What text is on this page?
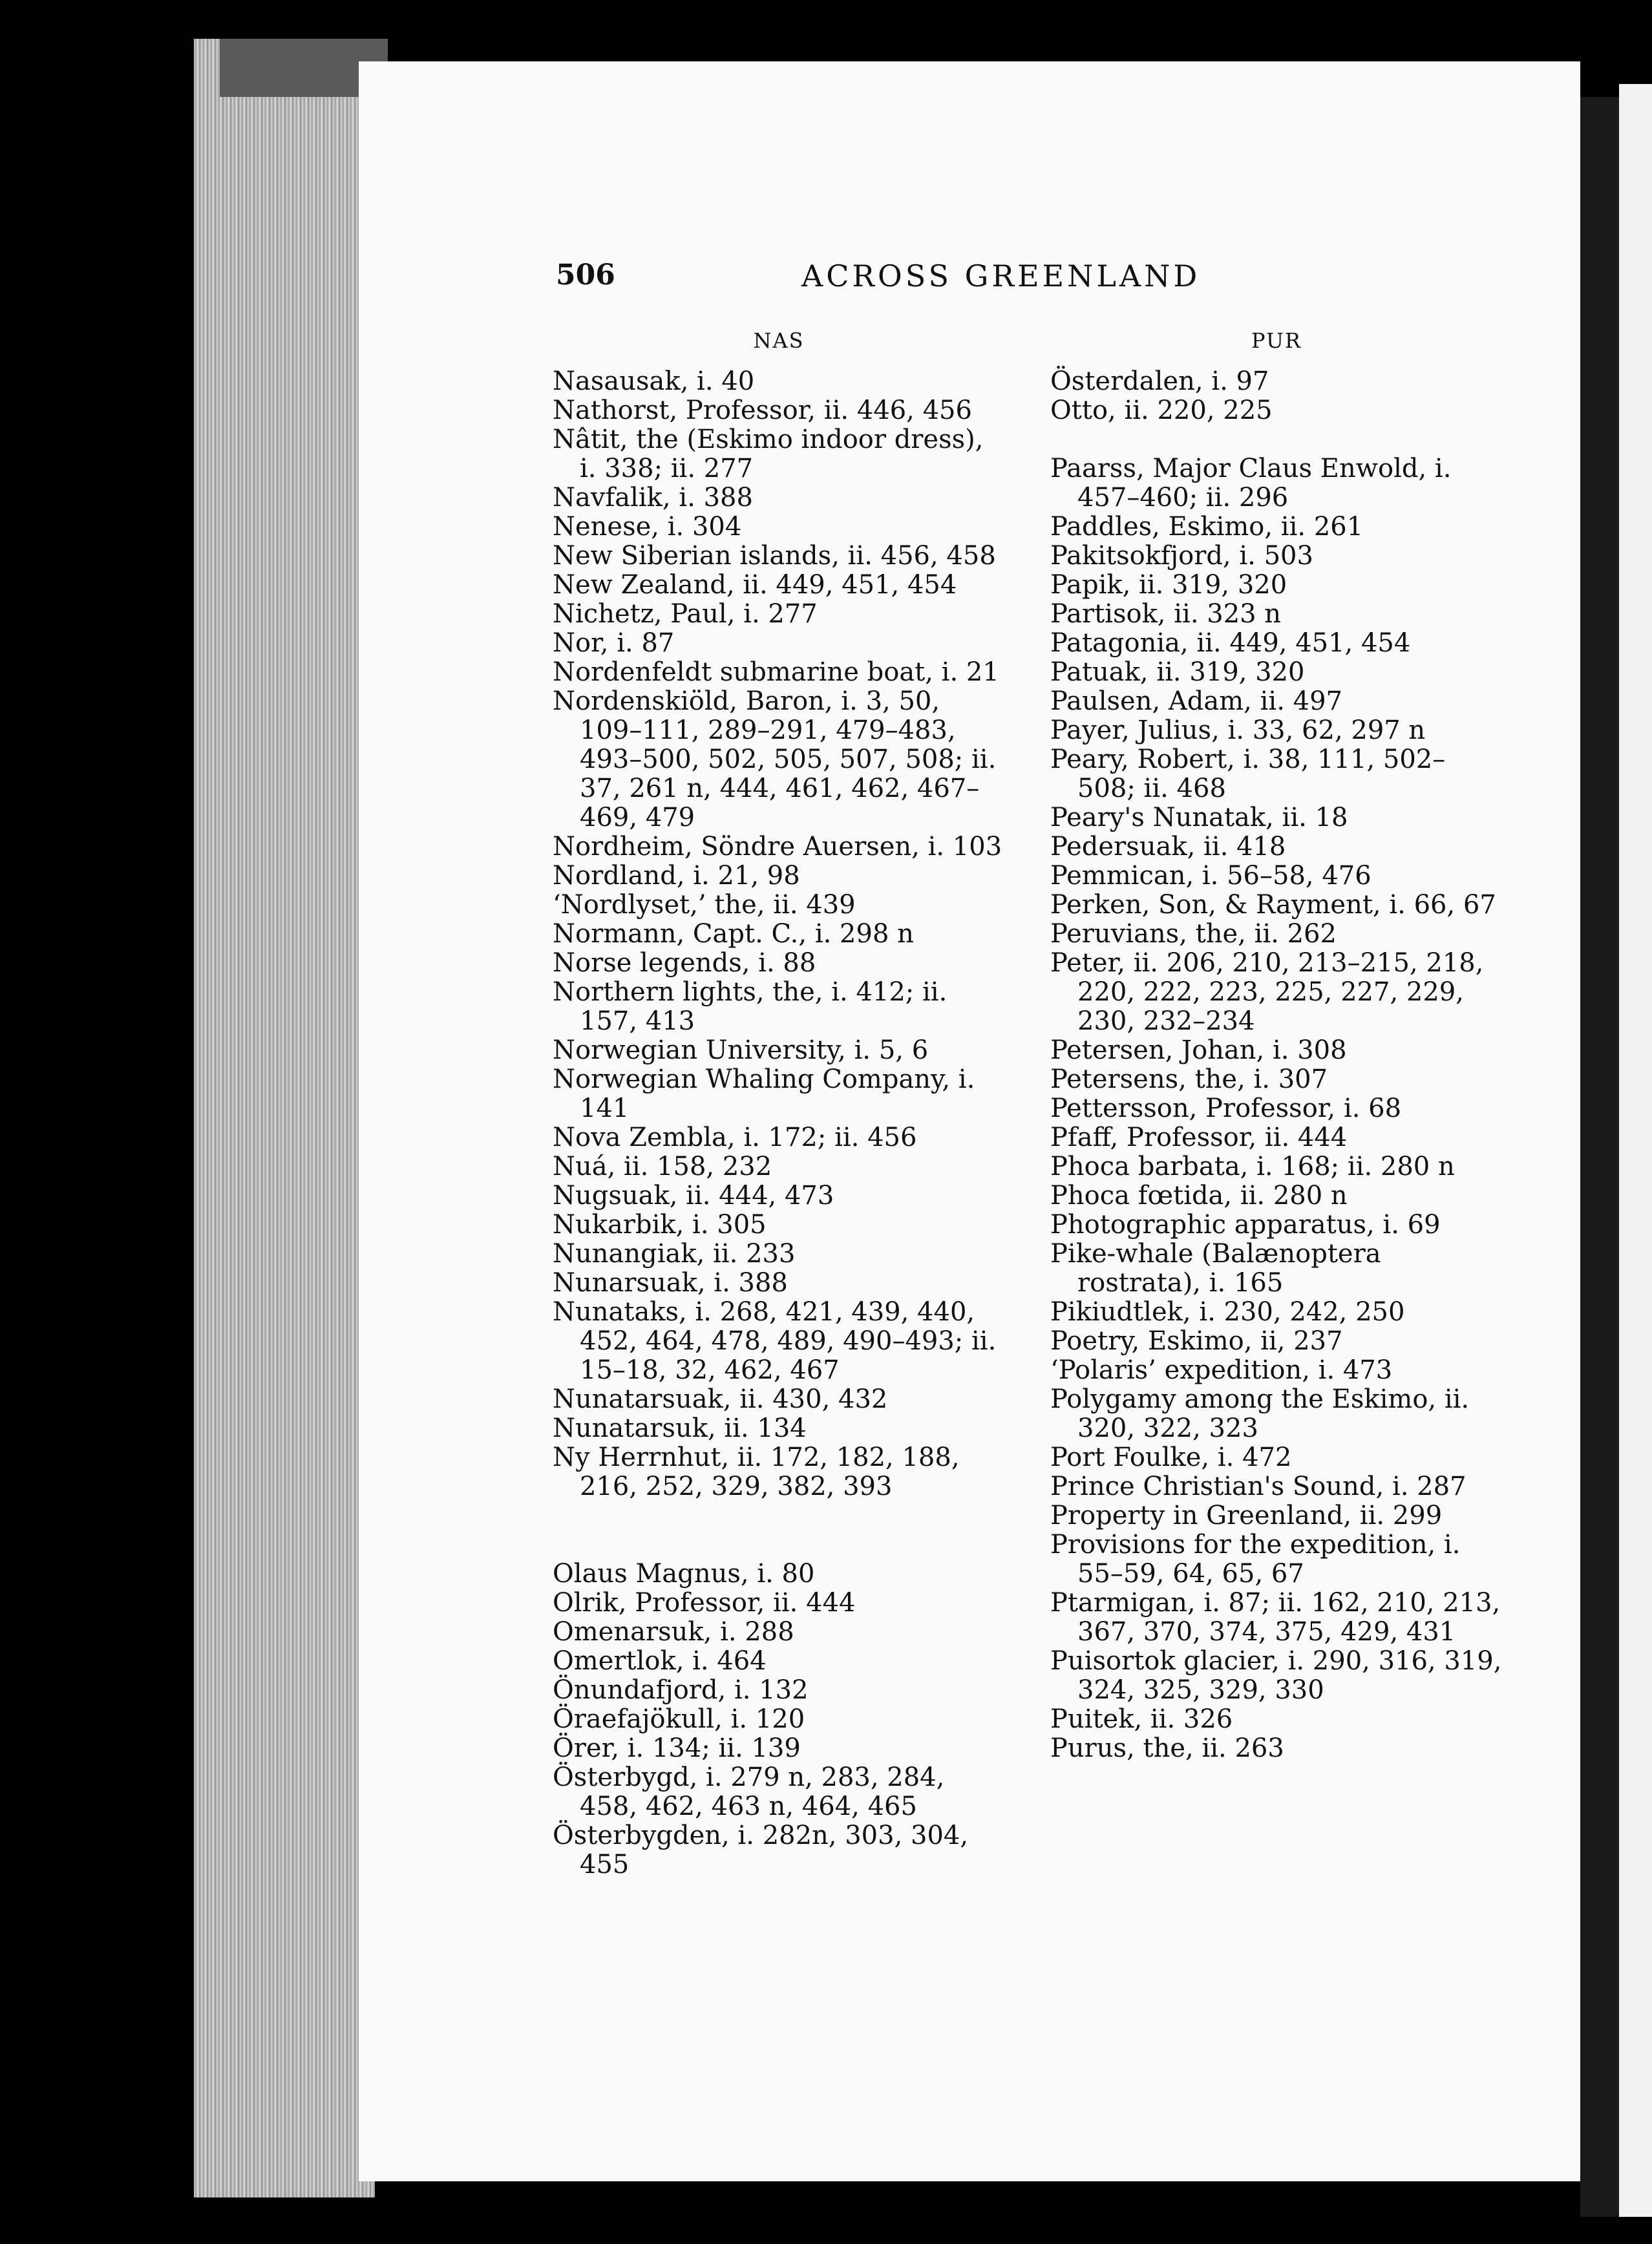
506	ACROSS GREENLAND
NAS
Nasausak, i. 40
Nathorst, Professor, ii. 446, 456
Nâtit, the (Eskimo indoor dress), i. 338; ii. 277
Navfalik, i. 388
Nenese, i. 304
New Siberian islands, ii. 456, 458
New Zealand, ii. 449, 451, 454
Nichetz, Paul, i. 277
Nor, i. 87
Nordenfeldt submarine boat, i. 21
Nordenskiöld, Baron, i. 3, 50, 109–111, 289–291, 479–483, 493–500, 502, 505, 507, 508; ii. 37, 261 n, 444, 461, 462, 467–469, 479
Nordheim, Söndre Auersen, i. 103
Nordland, i. 21, 98
‘Nordlyset,’ the, ii. 439
Normann, Capt. C., i. 298 n
Norse legends, i. 88
Northern lights, the, i. 412; ii. 157, 413
Norwegian University, i. 5, 6
Norwegian Whaling Company, i. 141
Nova Zembla, i. 172; ii. 456
Nuá, ii. 158, 232
Nugsuak, ii. 444, 473
Nukarbik, i. 305
Nunangiak, ii. 233
Nunarsuak, i. 388
Nunataks, i. 268, 421, 439, 440, 452, 464, 478, 489, 490–493; ii. 15–18, 32, 462, 467
Nunatarsuak, ii. 430, 432
Nunatarsuk, ii. 134
Ny Herrnhut, ii. 172, 182, 188, 216, 252, 329, 382, 393
Olaus Magnus, i. 80
Olrik, Professor, ii. 444
Omenarsuk, i. 288
Omertlok, i. 464
Önundafjord, i. 132
Öraefajökull, i. 120
Örer, i. 134; ii. 139
Österbygd, i. 279 n, 283, 284, 458, 462, 463 n, 464, 465
Österbygden, i. 282n, 303, 304, 455
PUR
Österdalen, i. 97
Otto, ii. 220, 225
Paarss, Major Claus Enwold, i. 457–460; ii. 296
Paddles, Eskimo, ii. 261
Pakitsokfjord, i. 503
Papik, ii. 319, 320
Partisok, ii. 323 n
Patagonia, ii. 449, 451, 454
Patuak, ii. 319, 320
Paulsen, Adam, ii. 497
Payer, Julius, i. 33, 62, 297 n
Peary, Robert, i. 38, 111, 502–508; ii. 468
Peary's Nunatak, ii. 18
Pedersuak, ii. 418
Pemmican, i. 56–58, 476
Perken, Son, & Rayment, i. 66, 67
Peruvians, the, ii. 262
Peter, ii. 206, 210, 213–215, 218, 220, 222, 223, 225, 227, 229, 230, 232–234
Petersen, Johan, i. 308
Petersens, the, i. 307
Pettersson, Professor, i. 68
Pfaff, Professor, ii. 444
Phoca barbata, i. 168; ii. 280 n
Phoca fœtida, ii. 280 n
Photographic apparatus, i. 69
Pike-whale (Balænoptera rostrata), i. 165
Pikiudtlek, i. 230, 242, 250
Poetry, Eskimo, ii, 237
‘Polaris’ expedition, i. 473
Polygamy among the Eskimo, ii. 320, 322, 323
Port Foulke, i. 472
Prince Christian's Sound, i. 287
Property in Greenland, ii. 299
Provisions for the expedition, i. 55–59, 64, 65, 67
Ptarmigan, i. 87; ii. 162, 210, 213, 367, 370, 374, 375, 429, 431
Puisortok glacier, i. 290, 316, 319, 324, 325, 329, 330
Puitek, ii. 326
Purus, the, ii. 263
